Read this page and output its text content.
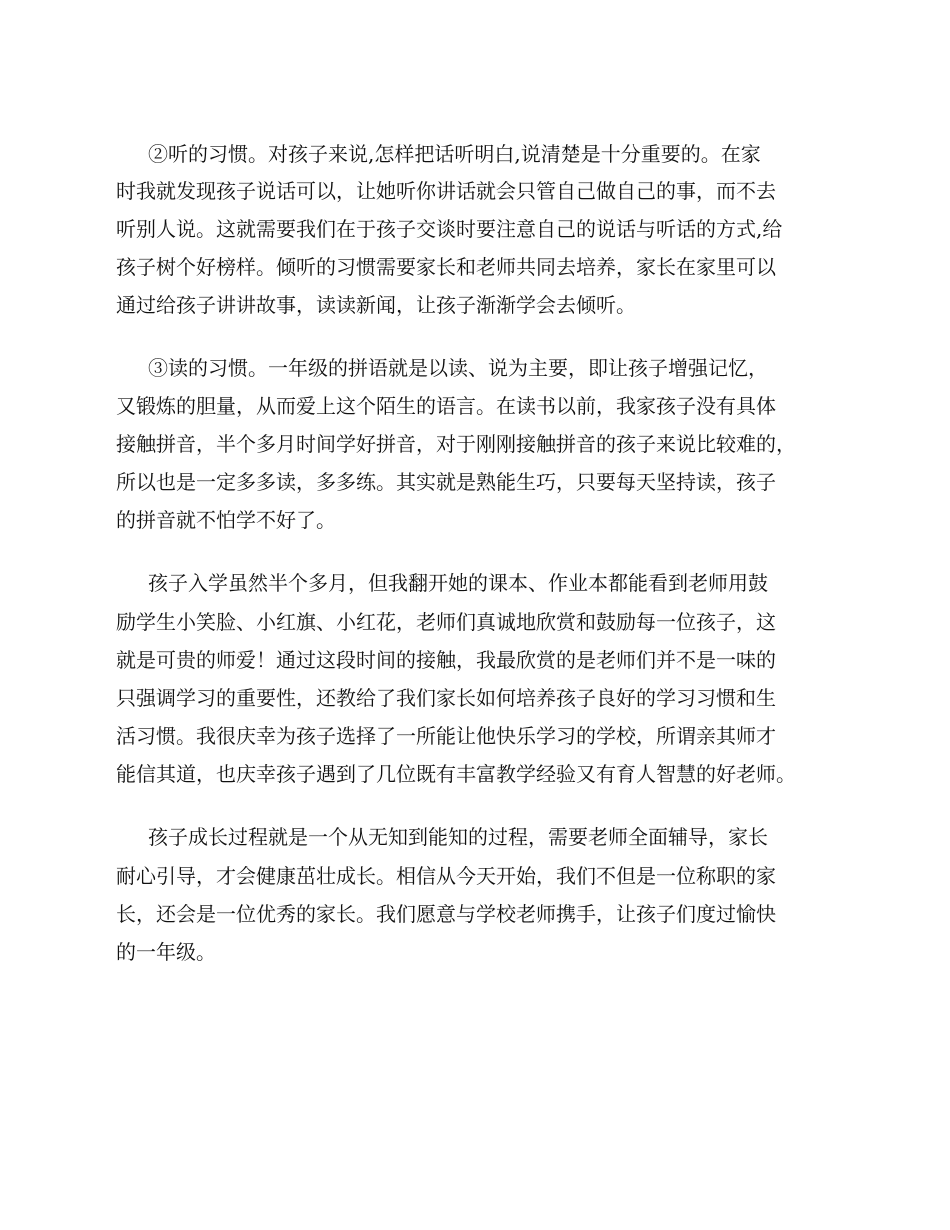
②听的习惯。对孩子来说,怎样把话听明白,说清楚是十分重要的。在家
时我就发现孩子说话可以，让她听你讲话就会只管自己做自己的事，而不去
听别人说。这就需要我们在于孩子交谈时要注意自己的说话与听话的方式,给
孩子树个好榜样。倾听的习惯需要家长和老师共同去培养，家长在家里可以
通过给孩子讲讲故事，读读新闻，让孩子渐渐学会去倾听。
③读的习惯。一年级的拼语就是以读、说为主要，即让孩子增强记忆，
又锻炼的胆量，从而爱上这个陌生的语言。在读书以前，我家孩子没有具体
接触拼音，半个多月时间学好拼音，对于刚刚接触拼音的孩子来说比较难的，
所以也是一定多多读，多多练。其实就是熟能生巧，只要每天坚持读，孩子
的拼音就不怕学不好了。
孩子入学虽然半个多月，但我翻开她的课本、作业本都能看到老师用鼓
励学生小笑脸、小红旗、小红花，老师们真诚地欣赏和鼓励每一位孩子，这
就是可贵的师爱！通过这段时间的接触，我最欣赏的是老师们并不是一味的
只强调学习的重要性，还教给了我们家长如何培养孩子良好的学习习惯和生
活习惯。我很庆幸为孩子选择了一所能让他快乐学习的学校，所谓亲其师才
能信其道，也庆幸孩子遇到了几位既有丰富教学经验又有育人智慧的好老师。
孩子成长过程就是一个从无知到能知的过程，需要老师全面辅导，家长
耐心引导，才会健康茁壮成长。相信从今天开始，我们不但是一位称职的家
长，还会是一位优秀的家长。我们愿意与学校老师携手，让孩子们度过愉快
的一年级。
